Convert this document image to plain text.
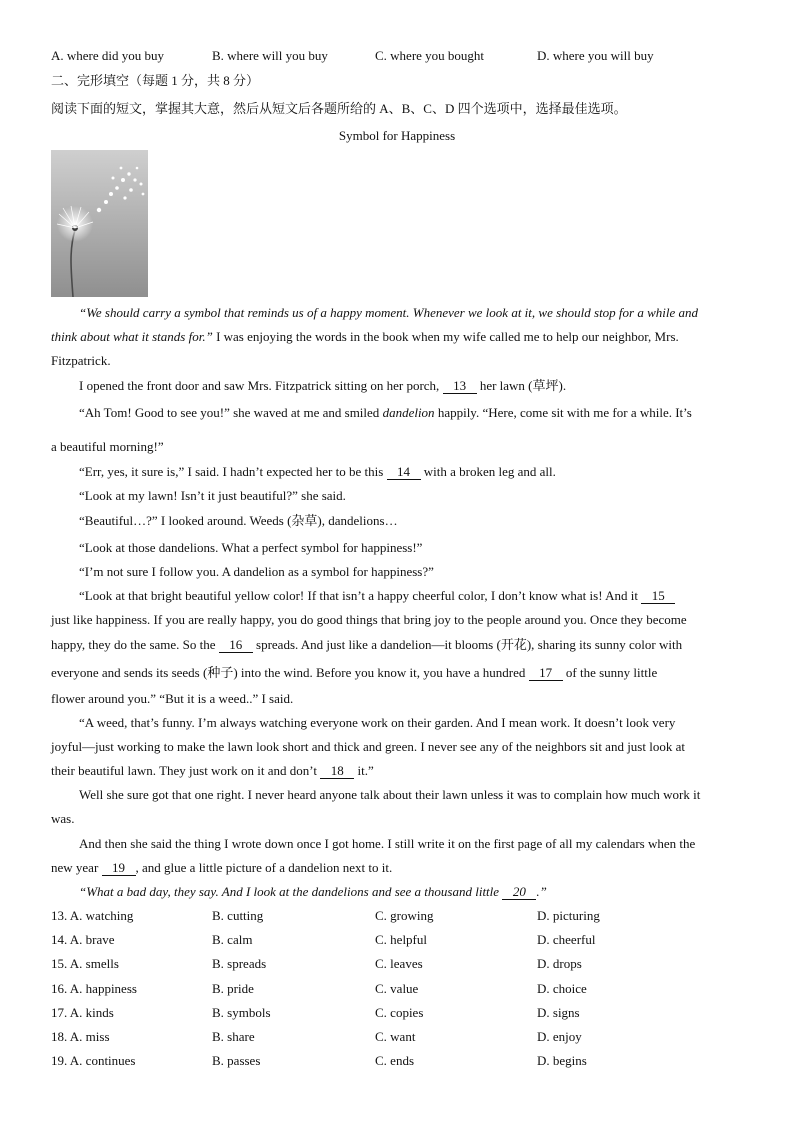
A. where did you buy	B. where will you buy	C. where you bought	D. where you will buy
二、完形填空（每题 1 分，共 8 分）
阅读下面的短文，掌握其大意，然后从短文后各题所给的 A、B、C、D 四个选项中，选择最佳选项。
Symbol for Happiness
“We should carry a symbol that reminds us of a happy moment. Whenever we look at it, we should stop for a while and
think about what it stands for.” I was enjoying the words in the book when my wife called me to help our neighbor, Mrs.
Fitzpatrick.
I opened the front door and saw Mrs. Fitzpatrick sitting on her porch, 13 her lawn (草坪).
“Ah Tom! Good to see you!” she waved at me and smiled dandelion happily. “Here, come sit with me for a while. It’s
a beautiful morning!”
“Err, yes, it sure is,” I said. I hadn’t expected her to be this 14 with a broken leg and all.
“Look at my lawn! Isn’t it just beautiful?” she said.
“Beautiful…?” I looked around. Weeds (杂草), dandelions…
“Look at those dandelions. What a perfect symbol for happiness!”
“I’m not sure I follow you. A dandelion as a symbol for happiness?”
“Look at that bright beautiful yellow color! If that isn’t a happy cheerful color, I don’t know what is! And it 15
just like happiness. If you are really happy, you do good things that bring joy to the people around you. Once they become
happy, they do the same. So the 16 spreads. And just like a dandelion—it blooms (开花), sharing its sunny color with
everyone and sends its seeds (种子) into the wind. Before you know it, you have a hundred 17 of the sunny little
flower around you.” “But it is a weed..” I said.
“A weed, that’s funny. I’m always watching everyone work on their garden. And I mean work. It doesn’t look very
joyful—just working to make the lawn look short and thick and green. I never see any of the neighbors sit and just look at
their beautiful lawn. They just work on it and don’t 18 it.”
Well she sure got that one right. I never heard anyone talk about their lawn unless it was to complain how much work it
was.
And then she said the thing I wrote down once I got home. I still write it on the first page of all my calendars when the
new year 19 , and glue a little picture of a dandelion next to it.
“What a bad day, they say. And I look at the dandelions and see a thousand little 20 .”
13. A. watching	B. cutting	C. growing	D. picturing
14. A. brave	B. calm	C. helpful	D. cheerful
15. A. smells	B. spreads	C. leaves	D. drops
16. A. happiness	B. pride	C. value	D. choice
17. A. kinds	B. symbols	C. copies	D. signs
18. A. miss	B. share	C. want	D. enjoy
19. A. continues	B. passes	C. ends	D. begins
